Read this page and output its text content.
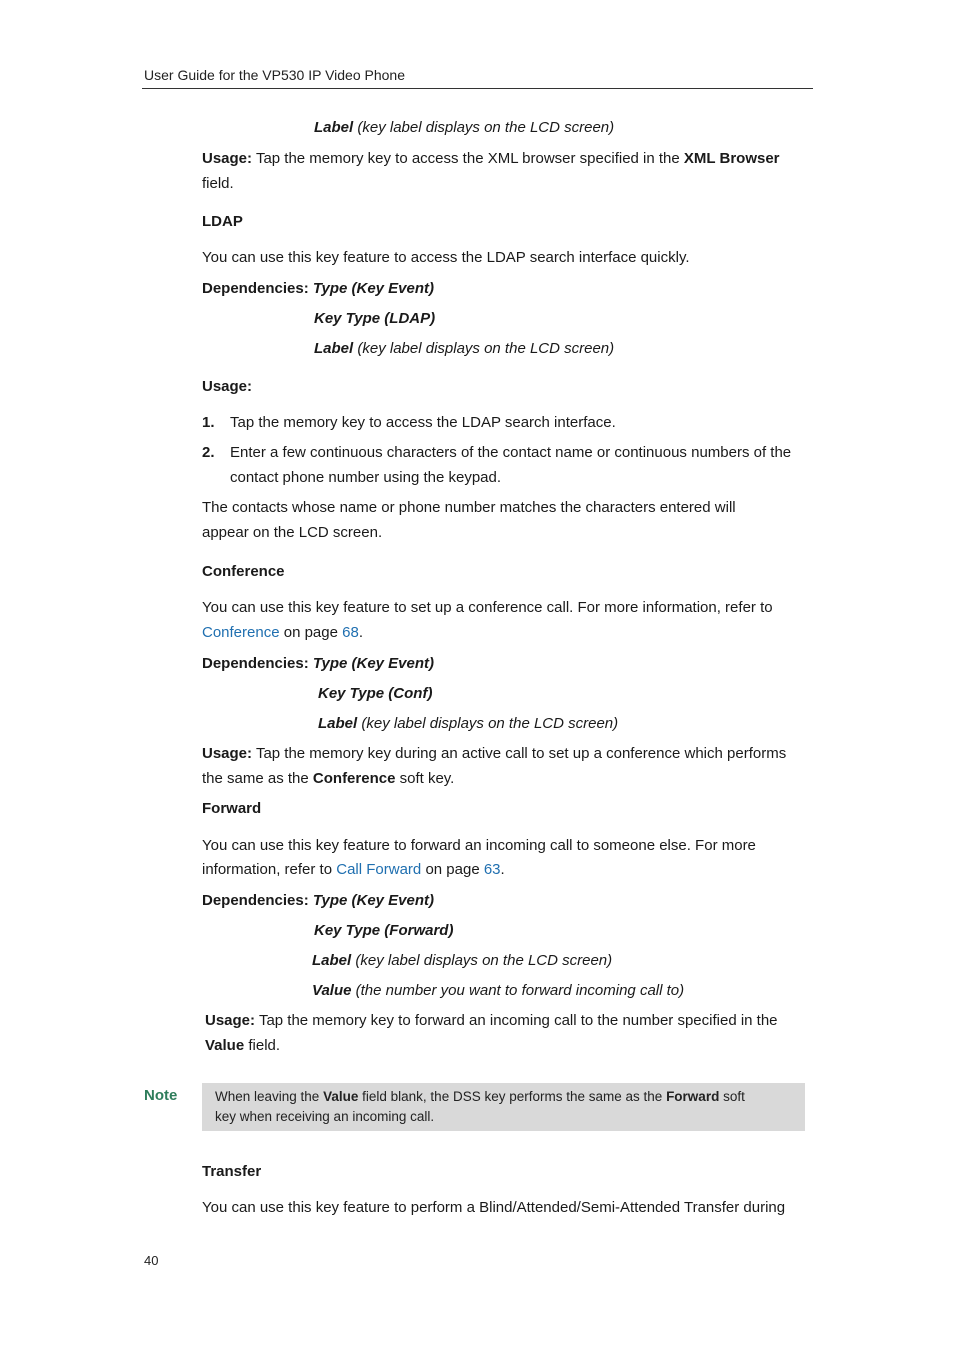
User Guide for the VP530 IP Video Phone
Label (key label displays on the LCD screen)
Usage: Tap the memory key to access the XML browser specified in the XML Browser
field.
LDAP
You can use this key feature to access the LDAP search interface quickly.
Dependencies: Type (Key Event)
Key Type (LDAP)
Label (key label displays on the LCD screen)
Usage:
1. Tap the memory key to access the LDAP search interface.
2. Enter a few continuous characters of the contact name or continuous numbers of the
contact phone number using the keypad.
The contacts whose name or phone number matches the characters entered will
appear on the LCD screen.
Conference
You can use this key feature to set up a conference call. For more information, refer to
Conference on page 68.
Dependencies: Type (Key Event)
Key Type (Conf)
Label (key label displays on the LCD screen)
Usage: Tap the memory key during an active call to set up a conference which performs
the same as the Conference soft key.
Forward
You can use this key feature to forward an incoming call to someone else. For more
information, refer to Call Forward on page 63.
Dependencies: Type (Key Event)
Key Type (Forward)
Label (key label displays on the LCD screen)
Value (the number you want to forward incoming call to)
Usage: Tap the memory key to forward an incoming call to the number specified in the
Value field.
Note	When leaving the Value field blank, the DSS key performs the same as the Forward soft
key when receiving an incoming call.
Transfer
You can use this key feature to perform a Blind/Attended/Semi-Attended Transfer during
40
